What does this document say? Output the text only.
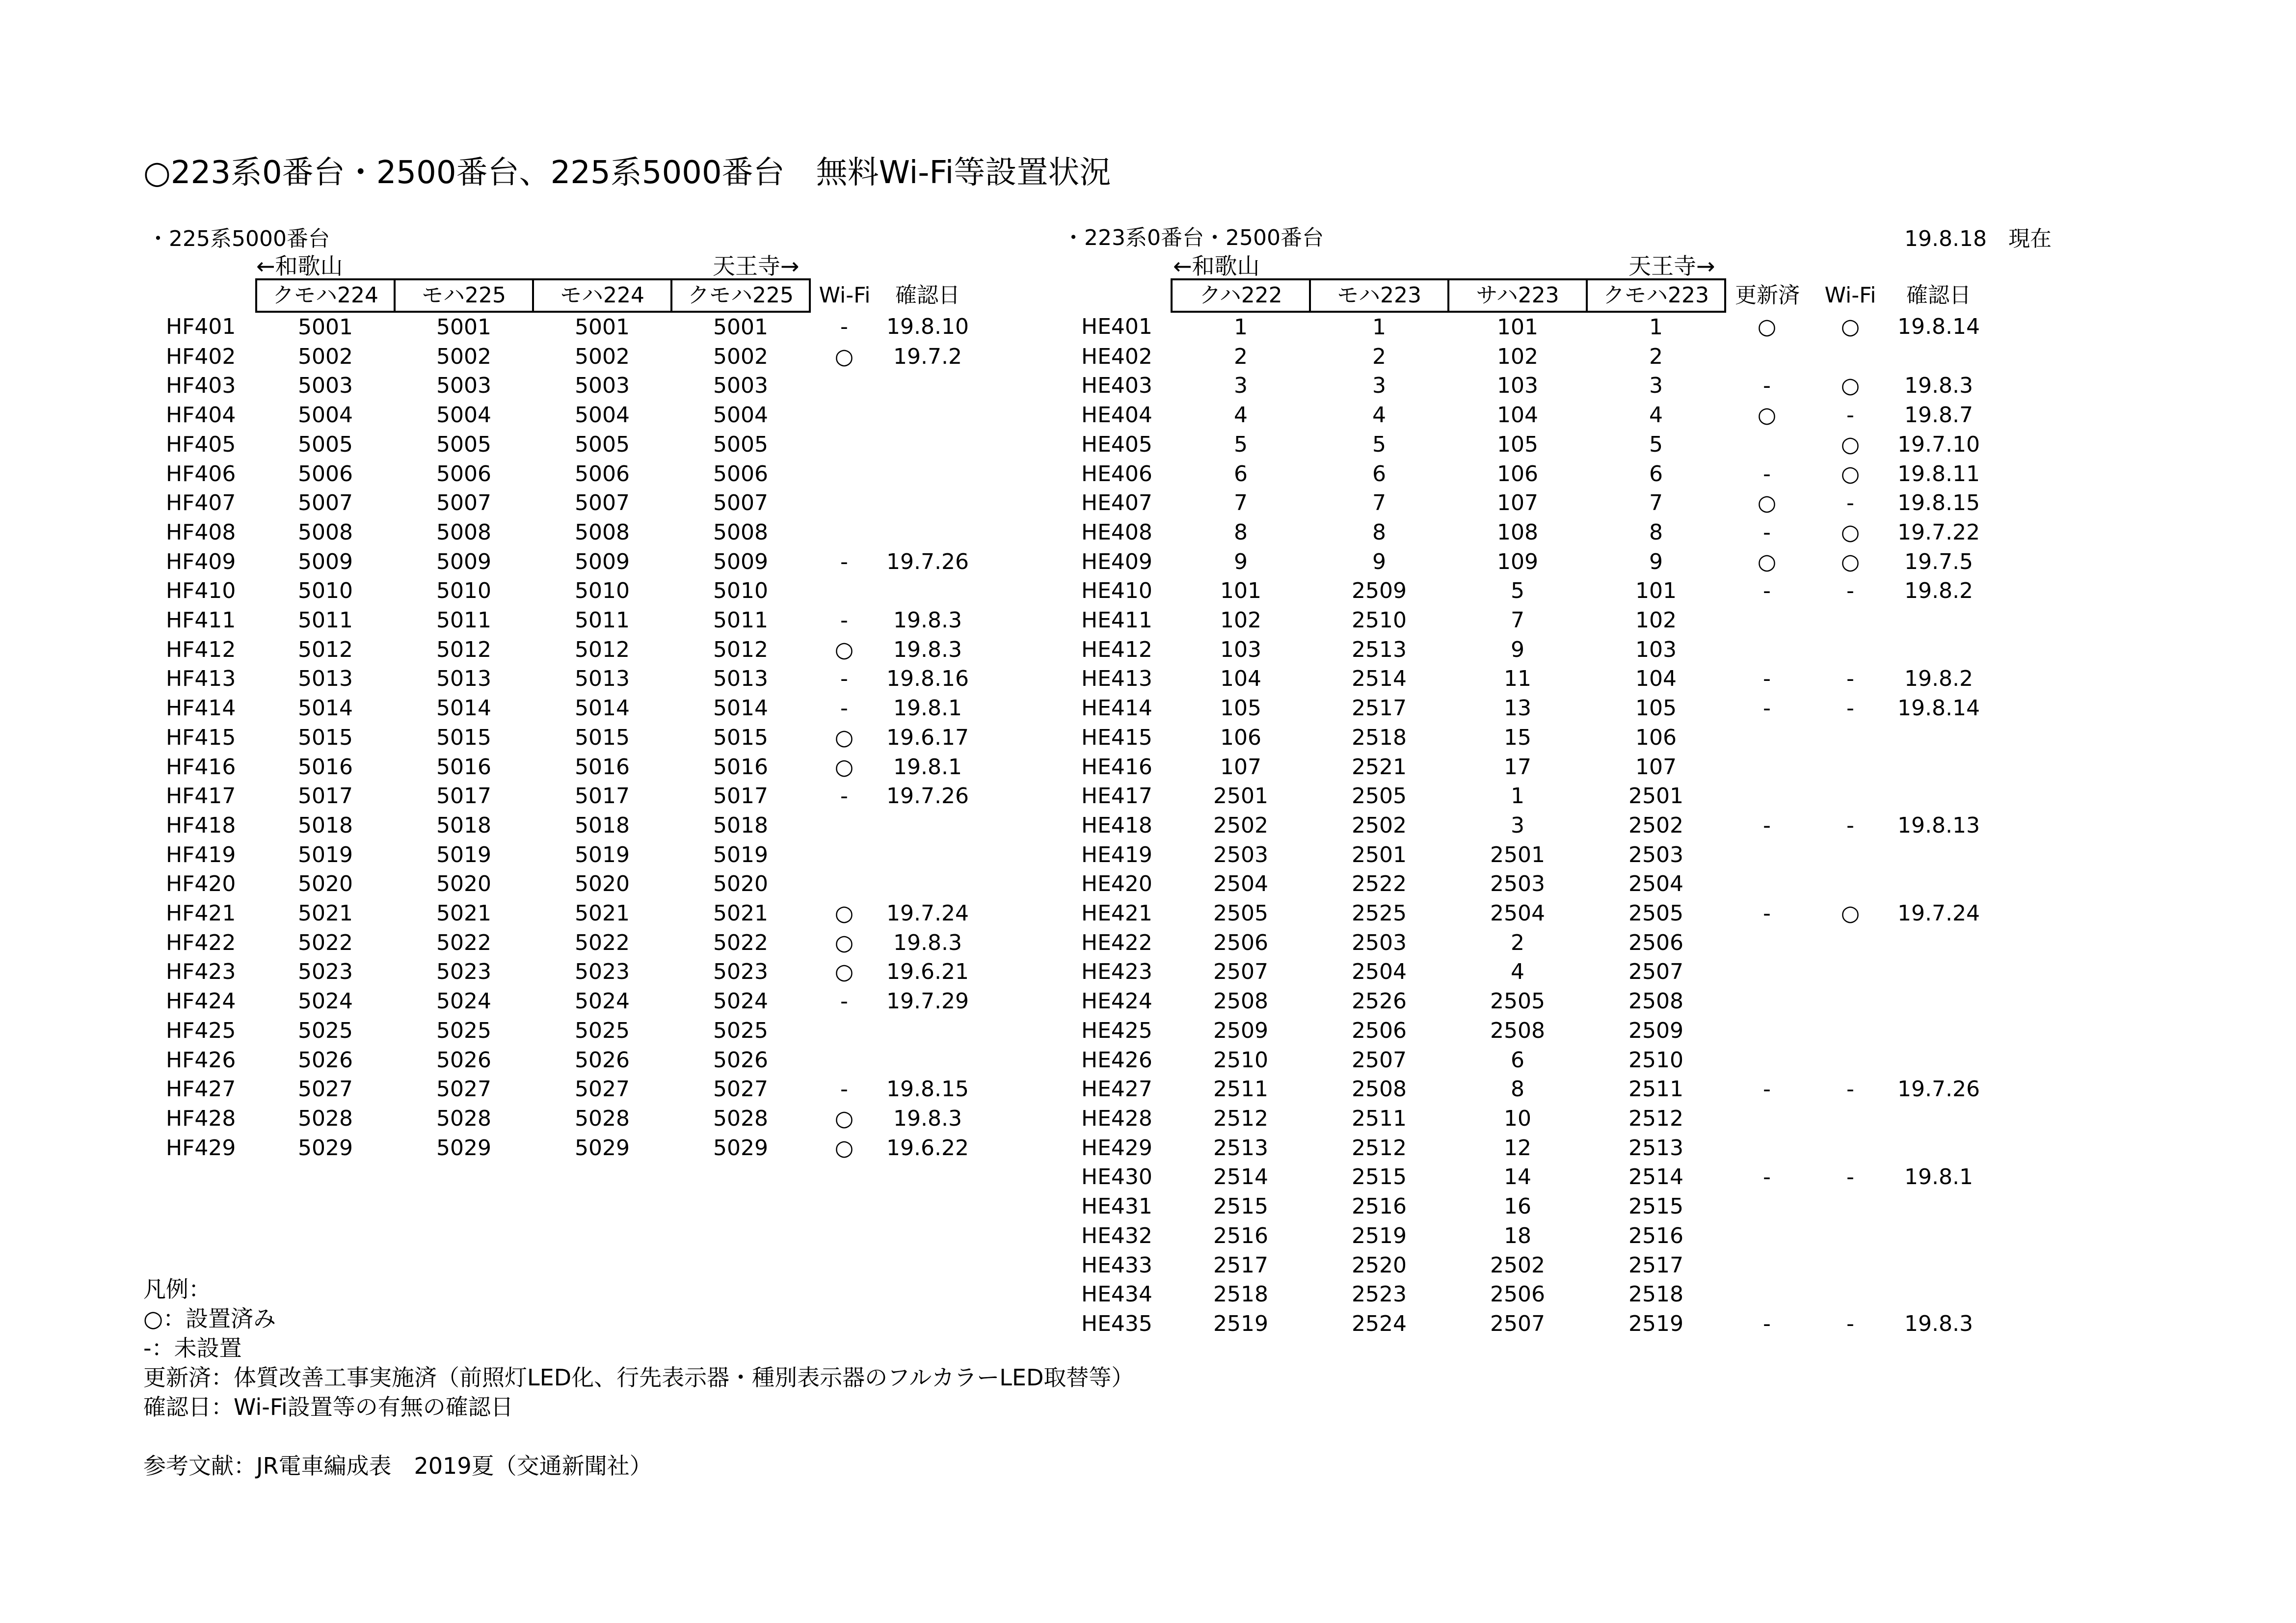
○223系0番台・2500番台、225系5000番台　無料Wi-Fi等設置状況
・225系5000番台
←和歌山	天王寺→
	クモハ224	モハ225	モハ224	クモハ225	Wi-Fi	確認日
HF401	5001	5001	5001	5001	-	19.8.10
HF402	5002	5002	5002	5002	○	19.7.2
HF403	5003	5003	5003	5003		
HF404	5004	5004	5004	5004		
HF405	5005	5005	5005	5005		
HF406	5006	5006	5006	5006		
HF407	5007	5007	5007	5007		
HF408	5008	5008	5008	5008		
HF409	5009	5009	5009	5009	-	19.7.26
HF410	5010	5010	5010	5010		
HF411	5011	5011	5011	5011	-	19.8.3
HF412	5012	5012	5012	5012	○	19.8.3
HF413	5013	5013	5013	5013	-	19.8.16
HF414	5014	5014	5014	5014	-	19.8.1
HF415	5015	5015	5015	5015	○	19.6.17
HF416	5016	5016	5016	5016	○	19.8.1
HF417	5017	5017	5017	5017	-	19.7.26
HF418	5018	5018	5018	5018		
HF419	5019	5019	5019	5019		
HF420	5020	5020	5020	5020		
HF421	5021	5021	5021	5021	○	19.7.24
HF422	5022	5022	5022	5022	○	19.8.3
HF423	5023	5023	5023	5023	○	19.6.21
HF424	5024	5024	5024	5024	-	19.7.29
HF425	5025	5025	5025	5025		
HF426	5026	5026	5026	5026		
HF427	5027	5027	5027	5027	-	19.8.15
HF428	5028	5028	5028	5028	○	19.8.3
HF429	5029	5029	5029	5029	○	19.6.22
・223系0番台・2500番台	19.8.18　現在
←和歌山	天王寺→
	クハ222	モハ223	サハ223	クモハ223	更新済	Wi-Fi	確認日
HE401	1	1	101	1	○	○	19.8.14
HE402	2	2	102	2			
HE403	3	3	103	3	-	○	19.8.3
HE404	4	4	104	4	○	-	19.8.7
HE405	5	5	105	5		○	19.7.10
HE406	6	6	106	6	-	○	19.8.11
HE407	7	7	107	7	○	-	19.8.15
HE408	8	8	108	8	-	○	19.7.22
HE409	9	9	109	9	○	○	19.7.5
HE410	101	2509	5	101	-	-	19.8.2
HE411	102	2510	7	102			
HE412	103	2513	9	103			
HE413	104	2514	11	104	-	-	19.8.2
HE414	105	2517	13	105	-	-	19.8.14
HE415	106	2518	15	106			
HE416	107	2521	17	107			
HE417	2501	2505	1	2501			
HE418	2502	2502	3	2502	-	-	19.8.13
HE419	2503	2501	2501	2503			
HE420	2504	2522	2503	2504			
HE421	2505	2525	2504	2505	-	○	19.7.24
HE422	2506	2503	2	2506			
HE423	2507	2504	4	2507			
HE424	2508	2526	2505	2508			
HE425	2509	2506	2508	2509			
HE426	2510	2507	6	2510			
HE427	2511	2508	8	2511	-	-	19.7.26
HE428	2512	2511	10	2512			
HE429	2513	2512	12	2513			
HE430	2514	2515	14	2514	-	-	19.8.1
HE431	2515	2516	16	2515			
HE432	2516	2519	18	2516			
HE433	2517	2520	2502	2517			
HE434	2518	2523	2506	2518			
HE435	2519	2524	2507	2519	-	-	19.8.3
凡例：
○：設置済み
-：未設置
更新済：体質改善工事実施済（前照灯LED化、行先表示器・種別表示器のフルカラーLED取替等）
確認日：Wi-Fi設置等の有無の確認日
参考文献：JR電車編成表　2019夏（交通新聞社）
